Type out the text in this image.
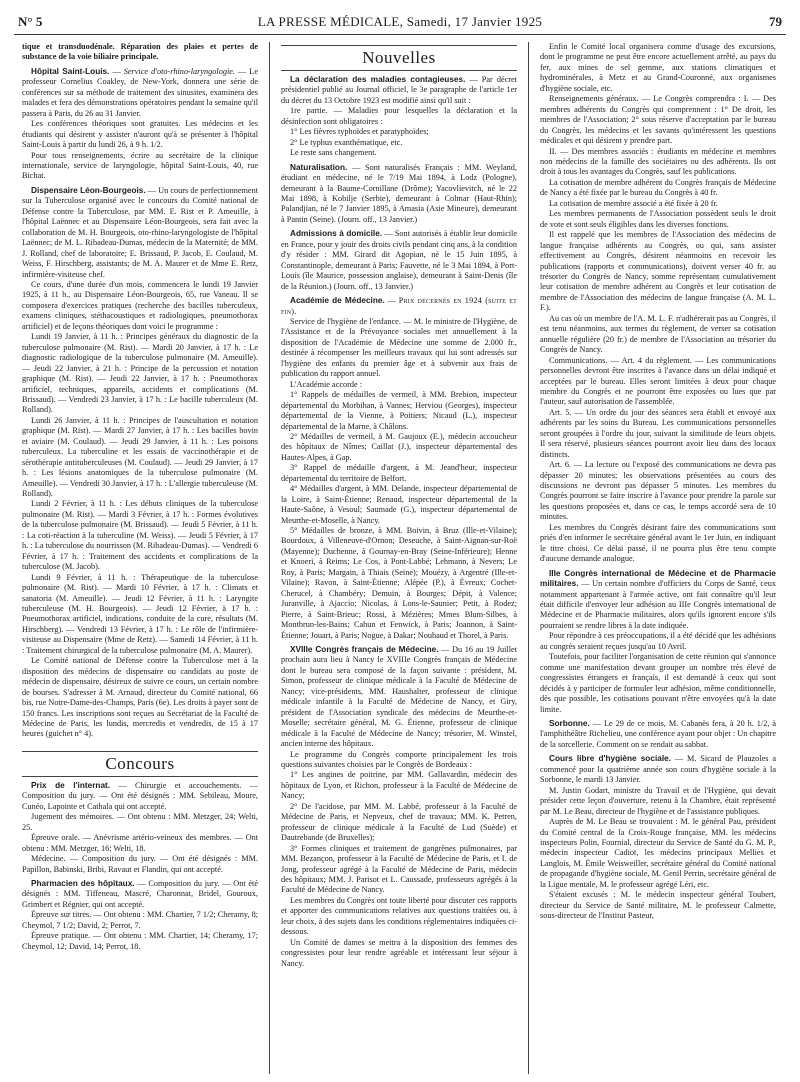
N° 5	LA PRESSE MÉDICALE, Samedi, 17 Janvier 1925	79

tique et transduodénale. Réparation des plaies et pertes de substance de la voie biliaire principale.

Hôpital Saint-Louis. — Service d'oto-rhino-laryngologie. — Le professeur Cornelius Coakley, de New-York, donnera une série de conférences sur sa méthode de traitement des sinusites, examinera des malades et fera des démonstrations opératoires pendant la semaine qu'il passera à Paris, du 26 au 31 Janvier.

Les conférences théoriques sont gratuites. Les médecins et les étudiants qui désirent y assister n'auront qu'à se présenter à l'hôpital Saint-Louis à partir du lundi 26, à 9 h. 1/2.

Pour tous renseignements, écrire au secrétaire de la clinique internationale, service de laryngologie, hôpital Saint-Louis, 40, rue Bichat.

Dispensaire Léon-Bourgeois. — Un cours de perfectionnement sur la Tuberculose organisé avec le concours du Comité national de Défense contre la Tuberculose, par MM. E. Rist et P. Ameuille, à l'hôpital Laënnec et au Dispensaire Léon-Bourgeois, sera fait avec la collaboration de M. H. Bourgeois, oto-rhino-laryngologiste de l'hôpital Laënnec; de M. L. Ribadeau-Dumas, médecin de la Maternité; de MM. J. Rolland, chef de laboratoire; E. Brissaud, P. Jacob, E. Coulaud, M. Weiss, F. Hirschberg, assistants; de M. A. Maurer et de Mme E. Retz, infirmière-visiteuse chef.

Ce cours, d'une durée d'un mois, commencera le lundi 19 Janvier 1925, à 11 h., au Dispensaire Léon-Bourgeois, 65, rue Vaneau. Il se composera d'exercices pratiques (recherche des bacilles tuberculeux, examens cliniques, stéthacoustiques et radiologiques, pneumothorax artificiel) et de leçons théoriques dont voici le programme :

Lundi 19 Janvier, à 11 h. : Principes généraux du diagnostic de la tuberculose pulmonaire (M. Rist). — Mardi 20 Janvier, à 17 h. : Le diagnostic radiologique de la tuberculose pulmonaire (M. Ameuille). — Jeudi 22 Janvier, à 21 h. : Principe de la percussion et notation graphique (M. Rist). — Jeudi 22 Janvier, à 17 h. : Pneumothorax artificiel, techniques, appareils, accidents et complications (M. Brissaud). — Vendredi 23 Janvier, à 17 h. : Le bacille tuberculeux (M. Rolland).

Lundi 26 Janvier, à 11 h. : Principes de l'auscultation et notation graphique (M. Rist). — Mardi 27 Janvier, à 17 h. : Les bacilles bovin et aviaire (M. Coulaud). — Jeudi 29 Janvier, à 11 h. : Les poisons tuberculeux. La tuberculine et les essais de vaccinothérapie et de sérothérapie antituberculeuses (M. Coulaud). — Jeudi 29 Janvier, à 17 h. : Les lésions anatomiques de la tuberculose pulmonaire (M. Ameuille). — Vendredi 30 Janvier, à 17 h. : L'allergie tuberculeuse (M. Rolland).

Lundi 2 Février, à 11 h. : Les débuts cliniques de la tuberculose pulmonaire (M. Rist). — Mardi 3 Février, à 17 h. : Formes évolutives de la tuberculose pulmonaire (M. Brissaud). — Jeudi 5 Février, à 11 h. : La coti-réaction à la tuberculine (M. Weiss). — Jeudi 5 Février, à 17 h. : La tuberculose du nourrisson (M. Ribadeau-Dumas). — Vendredi 6 Février, à 17 h. : Traitement des accidents et complications de la tuberculose (M. Jacob).

Lundi 9 Février, à 11 h. : Thérapeutique de la tuberculose pulmonaire (M. Rist). — Mardi 10 Février, à 17 h. : Climats et sanatoria (M. Ameuille). — Jeudi 12 Février, à 11 h. : Laryngite tuberculeuse (M. H. Bourgeois). — Jeudi 12 Février, à 17 h. : Pneumothorax artificiel, indications, conduite de la cure, résultats (M. Hirschberg). — Vendredi 13 Février, à 17 h. : Le rôle de l'infirmière-visiteuse au Dispensaire (Mme de Retz). — Samedi 14 Février, à 11 h. : Traitement chirurgical de la tuberculose pulmonaire (M. A. Maurer).

Le Comité national de Défense contre la Tuberculose met à la disposition des médecins de dispensaire ou candidats au poste de médecin de dispensaire, désireux de suivre ce cours, un certain nombre de bourses. S'adresser à M. Arnaud, directeur du Comité national, 66 bis, rue Notre-Dame-des-Champs, Paris (6e). Les droits à payer sont de 150 francs. Les inscriptions sont reçues au Secrétariat de la Faculté de Médecine de Paris, les lundis, mercredis et vendredis, de 15 à 17 heures (guichet n° 4).

Concours

Prix de l'internat. — Chirurgie et accouchements. — Composition du jury. — Ont été désignés : MM. Sebileau, Moure, Cunéo, Lapointe et Cathala qui ont accepté.

Jugement des mémoires. — Ont obtenu : MM. Metzger, 24; Welti, 25.

Épreuve orale. — Anévrisme artério-veineux des membres. — Ont obtenu : MM. Metzger, 16; Welti, 18.

Médecine. — Composition du jury. — Ont été désignés : MM. Papillon, Babinski, Bribi, Ravaut et Flandin, qui ont accepté.

Pharmacien des hôpitaux. — Composition du jury. — Ont été désignés : MM. Tiffeneau, Mascré, Charonnat, Bridel, Gouroux, Grimbert et Régnier, qui ont accepté.

Épreuve sur titres. — Ont obtenu : MM. Chartier, 7 1/2; Cheramy, 8; Cheymol, 7 1/2; David, 2; Perrot, 7.

Épreuve pratique. — Ont obtenu : MM. Chartier, 14; Cheramy, 17; Cheymol, 12; David, 14; Perrot, 18.

Nouvelles

La déclaration des maladies contagieuses. — Par décret présidentiel publié au Journal officiel, le 3e paragraphe de l'article 1er du décret du 13 Octobre 1923 est modifié ainsi qu'il suit :

1re partie. — Maladies pour lesquelles la déclaration et la désinfection sont obligatoires :

1° Les fièvres typhoïdes et paratyphoïdes;

2° Le typhus exanthématique, etc.

Le reste sans changement.

Naturalisation. — Sont naturalisés Français : MM. Weyland, étudiant en médecine, né le 7/19 Mai 1894, à Lodz (Pologne), demeurant à la Baume-Cornillane (Drôme); Yacovlievitch, né le 22 Mai 1898, à Kobilje (Serbie), demeurant à Colmar (Haut-Rhin); Palandjian, né le 7 Janvier 1895, à Amasia (Asie Mineure), demeurant à Pantin (Seine). (Journ. off., 13 Janvier.)

Admissions à domicile. — Sont autorisés à établir leur domicile en France, pour y jouir des droits civils pendant cinq ans, à la condition d'y résider : MM. Girard dit Agopian, né le 15 Juin 1895, à Constantinople, demeurant à Paris; Fauvette, né le 3 Mai 1894, à Port-Louis (île Maurice, possession anglaise), demeurant à Saint-Denis (île de la Réunion.) (Journ. off., 13 Janvier.)

Académie de Médecine. — Prix décernés en 1924 (suite et fin).

Service de l'hygiène de l'enfance. — M. le ministre de l'Hygiène, de l'Assistance et de la Prévoyance sociales met annuellement à la disposition de l'Académie de Médecine une somme de 2.000 fr., destinée à récompenser les meilleurs travaux qui lui sont adressés sur l'hygiène des enfants du premier âge et à subvenir aux frais de publication du rapport annuel.

L'Académie accorde :

1° Rappels de médailles de vermeil, à MM. Brebion, inspecteur départemental du Morbihan, à Vannes; Herviou (Georges), inspecteur départemental de la Vienne, à Poitiers; Nicaud (L.), inspecteur départemental de la Marne, à Châlons.

2° Médailles de vermeil, à M. Gaujoux (E.), médecin accoucheur des hôpitaux de Nîmes; Caillat (J.), inspecteur départemental des Hautes-Alpes, à Gap.

3° Rappel de médaille d'argent, à M. Jeand'heur, inspecteur départemental du territoire de Belfort.

4° Médailles d'argent, à MM. Delande, inspecteur départemental de la Loire, à Saint-Étienne; Renaud, inspecteur départemental de la Haute-Saône, à Vesoul; Saumade (G.), inspecteur départemental de Meurthe-et-Moselle, à Nancy.

5° Médailles de bronze, à MM. Boivin, à Bruz (Ille-et-Vilaine); Bourdoux, à Villeneuve-d'Ornon; Deseuche, à Saint-Aignan-sur-Roë (Mayenne); Duchenne, à Gournay-en-Bray (Seine-Inférieure); Henne et Knoeri, à Reims; Le Cos, à Pont-Labbé; Lehmann, à Nevers; Le Roy, à Paris; Margain, à Thiais (Seine); Mouézy, à Argentré (Ille-et-Vilaine); Ravon, à Saint-Étienne; Alépée (P.), à Évreux; Cochet-Cherucel, à Chambéry; Demuin, à Bourges; Dépit, à Valence; Juranville, à Ajaccio; Nicolas, à Lons-le-Saunier; Petit, à Rodez; Pierre, à Saint-Brieuc; Rossi, à Mézières; Mmes Blum-Silbes, à Montbrun-les-Bains; Cahun et Fenwick, à Paris; Joannon, à Saint-Étienne; Jouart, à Paris; Nogue, à Dakar; Nouhaud et Thorel, à Paris.

XVIIIe Congrès français de Médecine. — Du 16 au 19 Juillet prochain aura lieu à Nancy le XVIIIe Congrès français de Médecine dont le bureau sera composé de la façon suivante : président, M. Simon, professeur de clinique médicale à la Faculté de Médecine de Nancy; vice-présidents, MM. Haushalter, professeur de clinique médicale infantile à la Faculté de Médecine de Nancy, et Giry, président de l'Association syndicale des médecins de Meurthe-et-Moselle; secrétaire général, M. G. Étienne, professeur de clinique médicale à la Faculté de Médecine de Nancy; trésorier, M. Winstel, ancien interne des hôpitaux.

Le programme du Congrès comporte principalement les trois questions suivantes choisies par le Congrès de Bordeaux :

1° Les angines de poitrine, par MM. Gallavardin, médecin des hôpitaux de Lyon, et Richon, professeur à la Faculté de Médecine de Nancy;

2° De l'acidose, par MM. M. Labbé, professeur à la Faculté de Médecine de Paris, et Nepveux, chef de travaux; MM. K. Petren, professeur de clinique médicale à la Faculté de Lud (Suède) et Dautrebande (de Bruxelles);

3° Formes cliniques et traitement de gangrènes pulmonaires, par MM. Bezançon, professeur à la Faculté de Médecine de Paris, et I. de Jong, professeur agrégé à la Faculté de Médecine de Paris, médecin des hôpitaux; MM. J. Parisot et L. Caussade, professeurs agrégés à la Faculté de Médecine de Nancy.

Les membres du Congrès ont toute liberté pour discuter ces rapports et apporter des communications relatives aux questions traitées ou, à leur choix, à des sujets dans les conditions réglementaires indiquées ci-dessous.

Un Comité de dames se mettra à la disposition des femmes des congressistes pour leur rendre agréable et intéressant leur séjour à Nancy.

Enfin le Comité local organisera comme d'usage des excursions, dont le programme ne peut être encore actuellement arrêté, au pays du fer, aux mines de sel gemme, aux stations climatiques et hydrominérales, à Metz et au Grand-Couronné, aux organismes d'hygiène sociale, etc.

Renseignements généraux. — Le Congrès comprendra : I. — Des membres adhérents du Congrès qui comprennent : 1° De droit, les membres de l'Association; 2° sous réserve d'acceptation par le bureau du Congrès, les médecins et les savants qu'intéressent les questions médicales et qui désirent y prendre part.

II. — Des membres associés : étudiants en médecine et membres non médecins de la famille des sociétaires ou des adhérents. Ils ont droit à tous les avantages du Congrès, sauf les publications.

La cotisation de membre adhérent du Congrès français de Médecine de Nancy a été fixée par le bureau du Congrès à 40 fr.

La cotisation de membre associé a été fixée à 20 fr.

Les membres permanents de l'Association possèdent seuls le droit de vote et sont seuls éligibles dans les diverses fonctions.

Il est rappelé que les membres de l'Association des médecins de langue française adhérents au Congrès, ou qui, sans assister effectivement au Congrès, désirent néanmoins en recevoir les publications (rapports et communications), doivent verser 40 fr. au trésorier du Congrès de Nancy, somme représentant cumulativement leur cotisation de membre adhérent au Congrès et leur cotisation de membre de l'Association des médecins de langue française (A. M. L. F.).

Au cas où un membre de l'A. M. L. F. n'adhérerait pas au Congrès, il est tenu néanmoins, aux termes du règlement, de verser sa cotisation annuelle régulière (20 fr.) de membre de l'Association au trésorier du Congrès de Nancy.

Communications. — Art. 4 du règlement. — Les communications personnelles devront être inscrites à l'avance dans un délai indiqué et acceptées par le bureau. Elles seront limitées à deux pour chaque membre du Congrès et ne pourront être exposées ou lues que par l'auteur, sauf autorisation de l'assemblée.

Art. 5. — Un ordre du jour des séances sera établi et envoyé aux adhérents par les soins du Bureau. Les communications personnelles seront groupées à l'ordre du jour, suivant la similitude de leurs objets. Il sera réservé, plusieurs séances pourront avoir lieu dans des locaux distincts.

Art. 6. — La lecture ou l'exposé des communications ne devra pas dépasser 20 minutes; les observations présentées au cours des discussions ne devront pas dépasser 5 minutes. Les membres du Congrès pourront se faire inscrire à l'avance pour prendre la parole sur les questions proposées et, dans ce cas, le temps accordé sera de 10 minutes.

Les membres du Congrès désirant faire des communications sont priés d'en informer le secrétaire général avant le 1er Juin, en indiquant le titre choisi. Ce délai passé, il ne pourra plus être tenu compte d'aucune demande analogue.

IIIe Congrès international de Médecine et de Pharmacie militaires. — Un certain nombre d'officiers du Corps de Santé, ceux notamment appartenant à l'armée active, ont fait connaître qu'il leur était difficile d'envoyer leur adhésion au IIIe Congrès international de Médecine et de Pharmacie militaires, alors qu'ils ignorent encore s'ils pourraient se rendre libres à la date indiquée.

Pour répondre à ces préoccupations, il a été décidé que les adhésions au congrès seraient reçues jusqu'au 10 Avril.

Toutefois, pour faciliter l'organisation de cette réunion qui s'annonce comme une manifestation devant grouper un nombre très élevé de congressistes étrangers et français, il est demandé à ceux qui sont décidés à y participer de formuler leur adhésion, même conditionnelle, dès que possible, les cotisations pouvant n'être envoyées qu'à la date limite.

Sorbonne. — Le 29 de ce mois, M. Cabanès fera, à 20 h. 1/2, à l'amphithéâtre Richelieu, une conférence ayant pour objet : Un chapitre de la sorcellerie. Comment on se rendait au sabbat.

Cours libre d'hygiène sociale. — M. Sicard de Plauzoles a commencé pour la quatrième année son cours d'hygiène sociale à la Sorbonne, le mardi 13 Janvier.

M. Justin Godart, ministre du Travail et de l'Hygiène, qui devait présider cette leçon d'ouverture, retenu à la Chambre, était représenté par M. Le Beau, directeur de l'hygiène et de l'assistance publiques.

Auprès de M. Le Beau se trouvaient : M. le général Pau, président du Comité central de la Croix-Rouge française, MM. les médecins inspecteurs Polin, Fournial, directeur du Service de Santé du G. M. P., médecin inspecteur Cadiot, les médecins principaux Mellies et Langlois, M. Émile Weisweiller, secrétaire général du Comité national de propagande d'hygiène sociale, M. Genil Perrin, secrétaire général de la Ligue mentale, M. le professeur agrégé Léri, etc.

S'étaient excusés : M. le médecin inspecteur général Toubert, directeur du Service de Santé militaire, M. le professeur Calmette, sous-directeur de l'Institut Pasteur,
